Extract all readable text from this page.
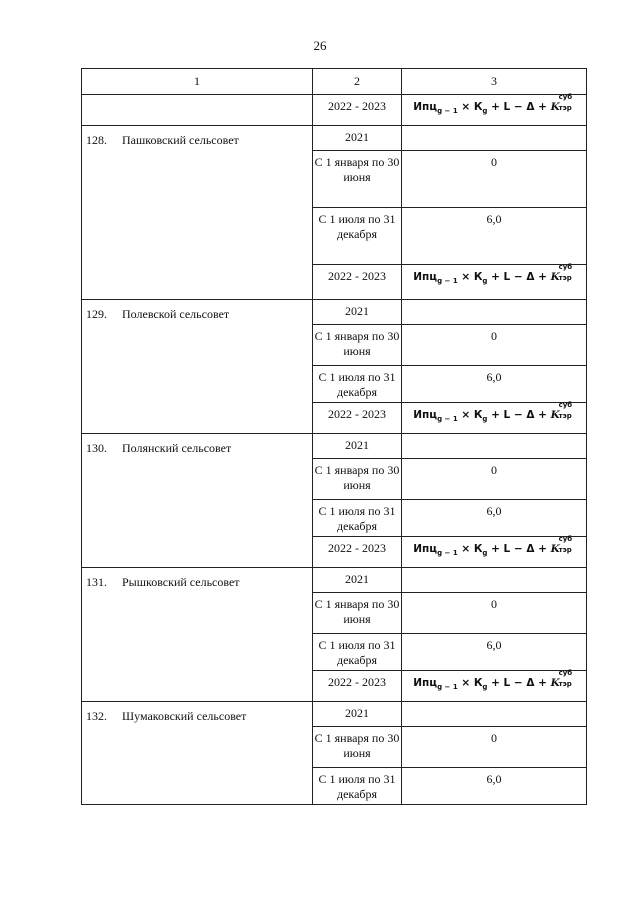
26
1	2	3

	2022 - 2023	$Ипц_{g - 1} \times К_g + L - \Delta + K$
суб
тэр

128. Пашковский сельсовет	2021	

	С 1 января по 30 июня	0

	С 1 июля по 31 декабря	6,0

	2022 - 2023	$Ипц_{g - 1} \times К_g + L - \Delta + K$
суб
тэр

129. Полевской сельсовет	2021	

	С 1 января по 30 июня	0

	С 1 июля по 31 декабря	6,0

	2022 - 2023	$Ипц_{g - 1} \times К_g + L - \Delta + K$
суб
тэр

130. Полянский сельсовет	2021	

	С 1 января по 30 июня	0

	С 1 июля по 31 декабря	6,0

	2022 - 2023	$Ипц_{g - 1} \times К_g + L - \Delta + K$
суб
тэр

131. Рышковский сельсовет	2021	

	С 1 января по 30 июня	0

	С 1 июля по 31 декабря	6,0

	2022 - 2023	$Ипц_{g - 1} \times К_g + L - \Delta + K$
суб
тэр

132. Шумаковский сельсовет	2021	

	С 1 января по 30 июня	0

	С 1 июля по 31 декабря	6,0
